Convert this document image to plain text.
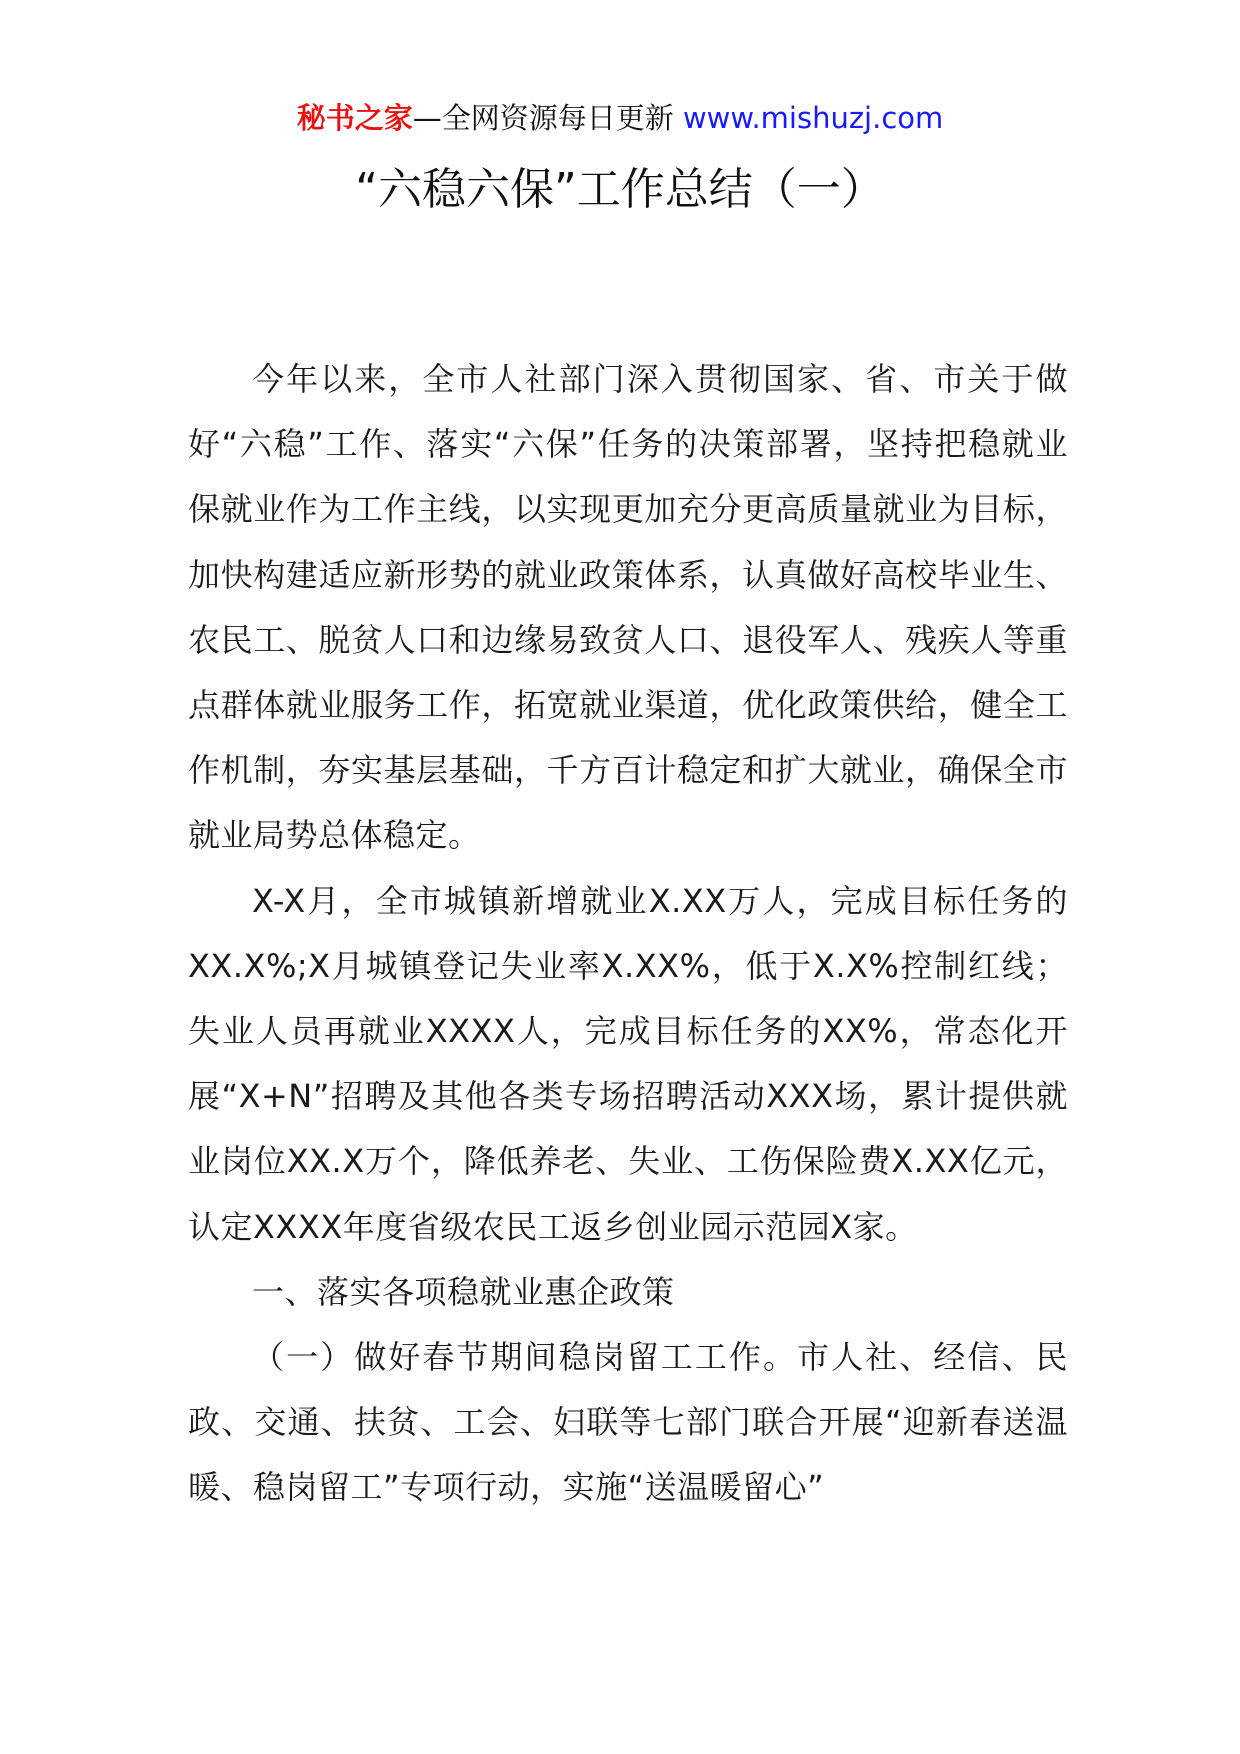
秘书之家—全网资源每日更新 www.mishuzj.com
“六稳六保”工作总结（一）

今年以来，全市人社部门深入贯彻国家、省、市关于做好“六稳”工作、落实“六保”任务的决策部署，坚持把稳就业保就业作为工作主线，以实现更加充分更高质量就业为目标，加快构建适应新形势的就业政策体系，认真做好高校毕业生、农民工、脱贫人口和边缘易致贫人口、退役军人、残疾人等重点群体就业服务工作，拓宽就业渠道，优化政策供给，健全工作机制，夯实基层基础，千方百计稳定和扩大就业，确保全市就业局势总体稳定。

X-X月，全市城镇新增就业X.XX万人，完成目标任务的XX.X%;X月城镇登记失业率X.XX%，低于X.X%控制红线；失业人员再就业XXXX人，完成目标任务的XX%，常态化开展“X+N”招聘及其他各类专场招聘活动XXX场，累计提供就业岗位XX.X万个，降低养老、失业、工伤保险费X.XX亿元，认定XXXX年度省级农民工返乡创业园示范园X家。

一、落实各项稳就业惠企政策

（一）做好春节期间稳岗留工工作。市人社、经信、民政、交通、扶贫、工会、妇联等七部门联合开展“迎新春送温暖、稳岗留工”专项行动，实施“送温暖留心”
